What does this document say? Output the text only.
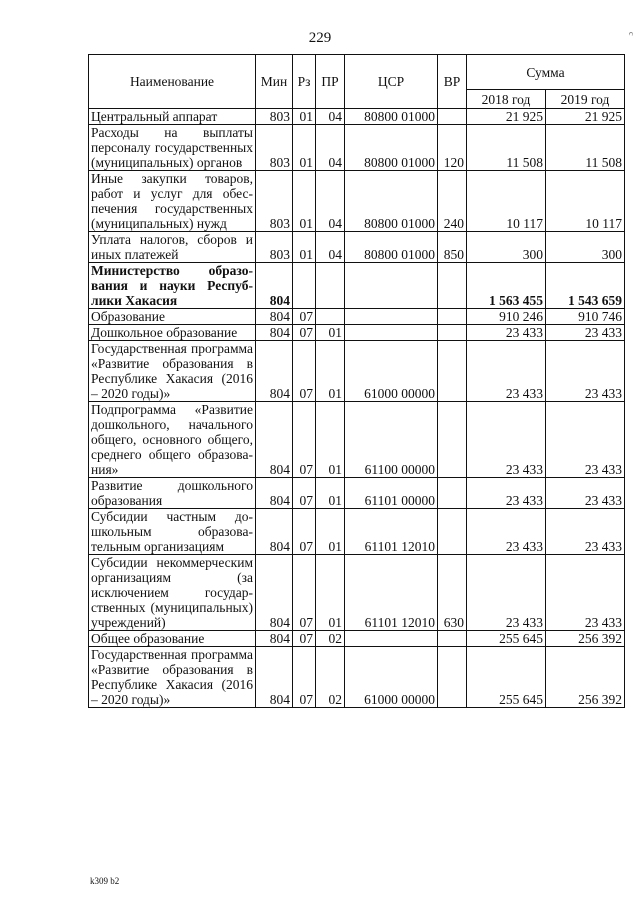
229	с
Наименование	Мин	Рз	ПР	ЦСР	ВР	Сумма	
						2018 год	2019 год
Центральный аппарат	803	01	04	80800 01000		21 925	21 925
Расходы на выплаты персоналу государственных (муниципальных) органов	803	01	04	80800 01000	120	11 508	11 508
Иные закупки товаров, работ и услуг для обеспечения государственных (муниципальных) нужд	803	01	04	80800 01000	240	10 117	10 117
Уплата налогов, сборов и иных платежей	803	01	04	80800 01000	850	300	300
Министерство образования и науки Республики Хакасия	804					1 563 455	1 543 659
Образование	804	07				910 246	910 746
Дошкольное образование	804	07	01			23 433	23 433
Государственная программа «Развитие образования в Республике Хакасия (2016 – 2020 годы)»	804	07	01	61000 00000		23 433	23 433
Подпрограмма «Развитие дошкольного, начального общего, основного общего, среднего общего образования»	804	07	01	61100 00000		23 433	23 433
Развитие дошкольного образования	804	07	01	61101 00000		23 433	23 433
Субсидии частным дошкольным образовательным организациям	804	07	01	61101 12010		23 433	23 433
Субсидии некоммерческим организациям (за исключением государственных (муниципальных) учреждений)	804	07	01	61101 12010	630	23 433	23 433
Общее образование	804	07	02			255 645	256 392
Государственная программа «Развитие образования в Республике Хакасия (2016 – 2020 годы)»	804	07	02	61000 00000		255 645	256 392
k309 b2
